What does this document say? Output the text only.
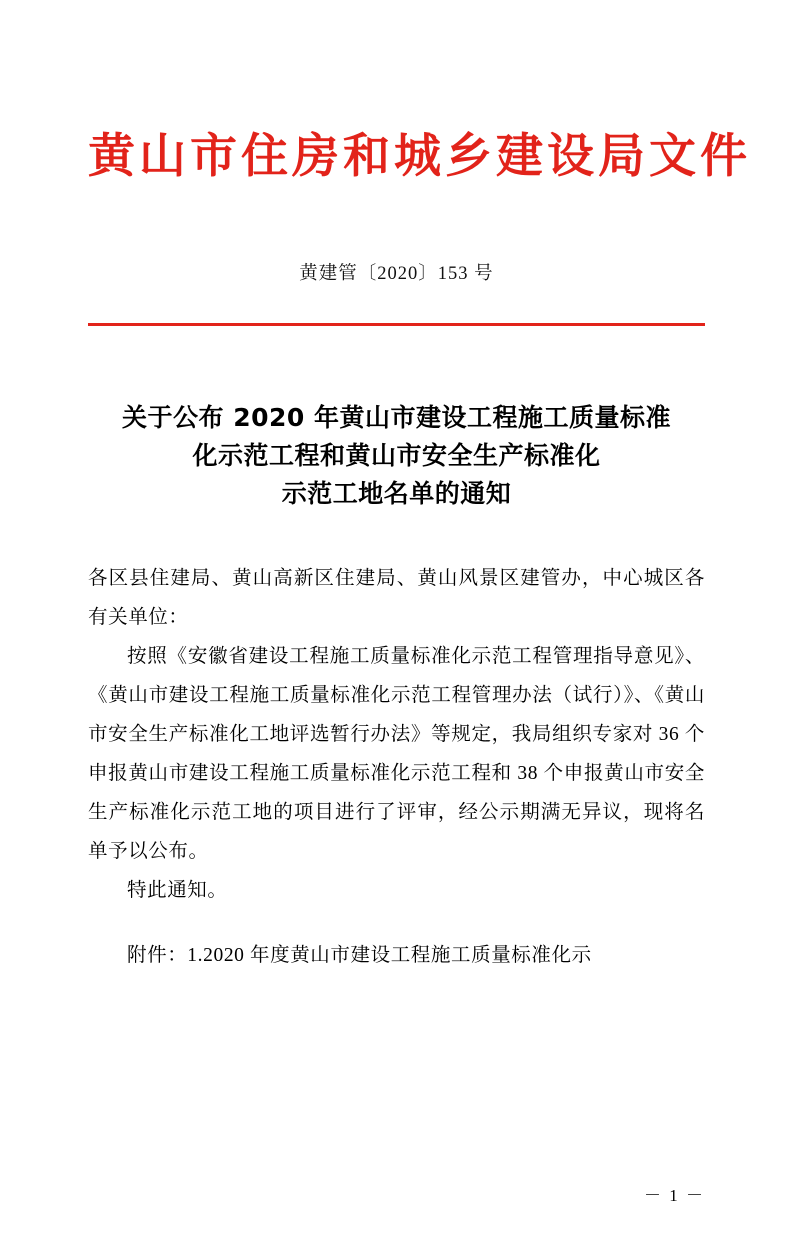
黄山市住房和城乡建设局文件
黄建管〔2020〕153 号
关于公布 2020 年黄山市建设工程施工质量标准
化示范工程和黄山市安全生产标准化
示范工地名单的通知

各区县住建局、黄山高新区住建局、黄山风景区建管办，中心城区各有关单位：

按照《安徽省建设工程施工质量标准化示范工程管理指导意见》、《黄山市建设工程施工质量标准化示范工程管理办法（试行）》、《黄山市安全生产标准化工地评选暂行办法》等规定，我局组织专家对 36 个申报黄山市建设工程施工质量标准化示范工程和 38 个申报黄山市安全生产标准化示范工地的项目进行了评审，经公示期满无异议，现将名单予以公布。

特此通知。

附件：1.2020 年度黄山市建设工程施工质量标准化示
－ 1 －
